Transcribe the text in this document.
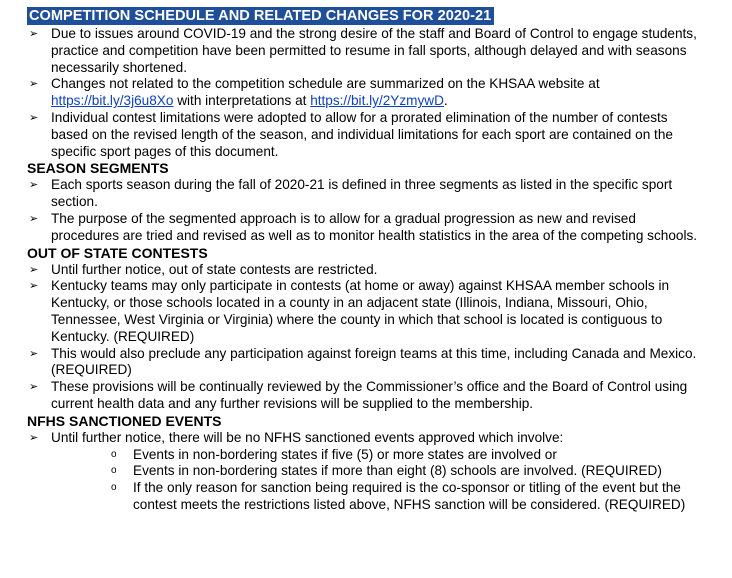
COMPETITION SCHEDULE AND RELATED CHANGES FOR 2020-21
➢ Due to issues around COVID-19 and the strong desire of the staff and Board of Control to engage students, practice and competition have been permitted to resume in fall sports, although delayed and with seasons necessarily shortened.
➢ Changes not related to the competition schedule are summarized on the KHSAA website at https://bit.ly/3j6u8Xo with interpretations at https://bit.ly/2YzmywD.
➢ Individual contest limitations were adopted to allow for a prorated elimination of the number of contests based on the revised length of the season, and individual limitations for each sport are contained on the specific sport pages of this document.
SEASON SEGMENTS
➢ Each sports season during the fall of 2020-21 is defined in three segments as listed in the specific sport section.
➢ The purpose of the segmented approach is to allow for a gradual progression as new and revised procedures are tried and revised as well as to monitor health statistics in the area of the competing schools.
OUT OF STATE CONTESTS
➢ Until further notice, out of state contests are restricted.
➢ Kentucky teams may only participate in contests (at home or away) against KHSAA member schools in Kentucky, or those schools located in a county in an adjacent state (Illinois, Indiana, Missouri, Ohio, Tennessee, West Virginia or Virginia) where the county in which that school is located is contiguous to Kentucky. (REQUIRED)
➢ This would also preclude any participation against foreign teams at this time, including Canada and Mexico. (REQUIRED)
➢ These provisions will be continually reviewed by the Commissioner’s office and the Board of Control using current health data and any further revisions will be supplied to the membership.
NFHS SANCTIONED EVENTS
➢ Until further notice, there will be no NFHS sanctioned events approved which involve:
o Events in non-bordering states if five (5) or more states are involved or
o Events in non-bordering states if more than eight (8) schools are involved. (REQUIRED)
o If the only reason for sanction being required is the co-sponsor or titling of the event but the contest meets the restrictions listed above, NFHS sanction will be considered. (REQUIRED)
